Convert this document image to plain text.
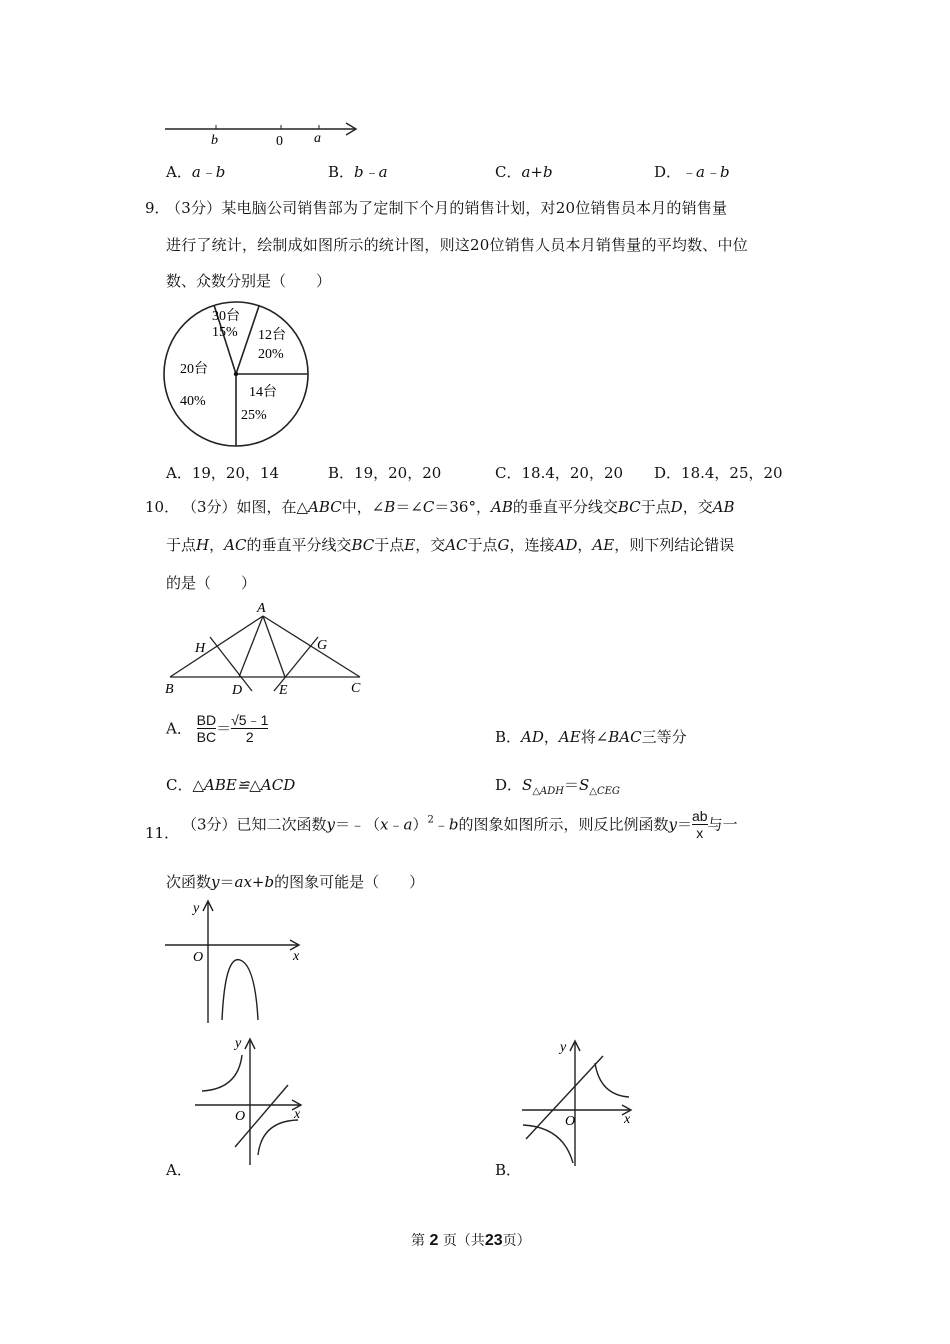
b	0 a
A．a﹣b	B．b﹣a	C．a+b	D．﹣a﹣b
9．
（3分）某电脑公司销售部为了定制下个月的销售计划，对20位销售员本月的销售量
进行了统计，绘制成如图所示的统计图，则这20位销售人员本月销售量的平均数、中位
数、众数分别是（　　）
30台
15% 12台
20%
20台
40%
14台
25%
A．19，20，14	B．19，20，20	C．18.4，20，20 D．18.4，25，20
10． （3分）如图，在△ABC中，∠B＝∠C＝36°，AB的垂直平分线交BC于点D，交AB
于点H，AC的垂直平分线交BC于点E，交AC于点G，连接AD，AE，则下列结论错误
的是（　　）
A
H	G
B	D	E	C
A． $\frac{BD}{BC} = \frac{√5﹣1}{2}$	B．AD，AE将∠BAC三等分
C．△ABE≌△ACD	D．$S_{\triangle ADH}=S_{\triangle CEG}$
11． （3分）已知二次函数y＝﹣（x﹣a）$^2$﹣b的图象如图所示，则反比例函数$y= \frac{ab}{x}$ 与一
次函数y＝ax+b的图象可能是（　　）
y
O	x
y
O	x
A．
y
O	x
B．
第 2 页（共23页）
